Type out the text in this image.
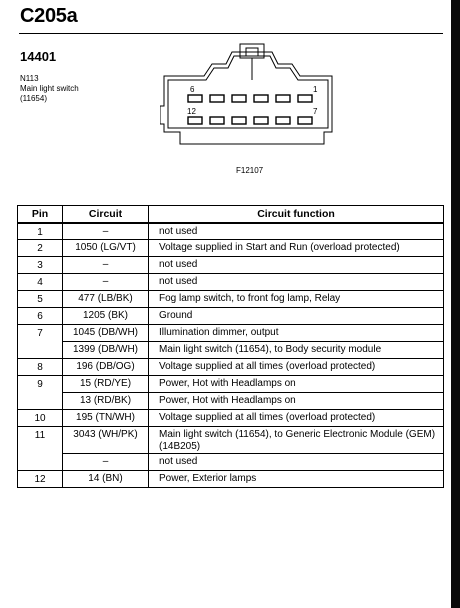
C205a
14401
N113
Main light switch
(11654)
6	1
12	7
F12107
Pin	Circuit	Circuit function
1	–	not used
2	1050 (LG/VT)	Voltage supplied in Start and Run (overload protected)
3	–	not used
4	–	not used
5	477 (LB/BK)	Fog lamp switch, to front fog lamp, Relay
6	1205 (BK)	Ground
7	1045 (DB/WH)	Illumination dimmer, output
	1399 (DB/WH)	Main light switch (11654), to Body security module
8	196 (DB/OG)	Voltage supplied at all times (overload protected)
9	15 (RD/YE)	Power, Hot with Headlamps on
	13 (RD/BK)	Power, Hot with Headlamps on
10	195 (TN/WH)	Voltage supplied at all times (overload protected)
11	3043 (WH/PK)	Main light switch (11654), to Generic Electronic Module (GEM) (14B205)
	–	not used
12	14 (BN)	Power, Exterior lamps
